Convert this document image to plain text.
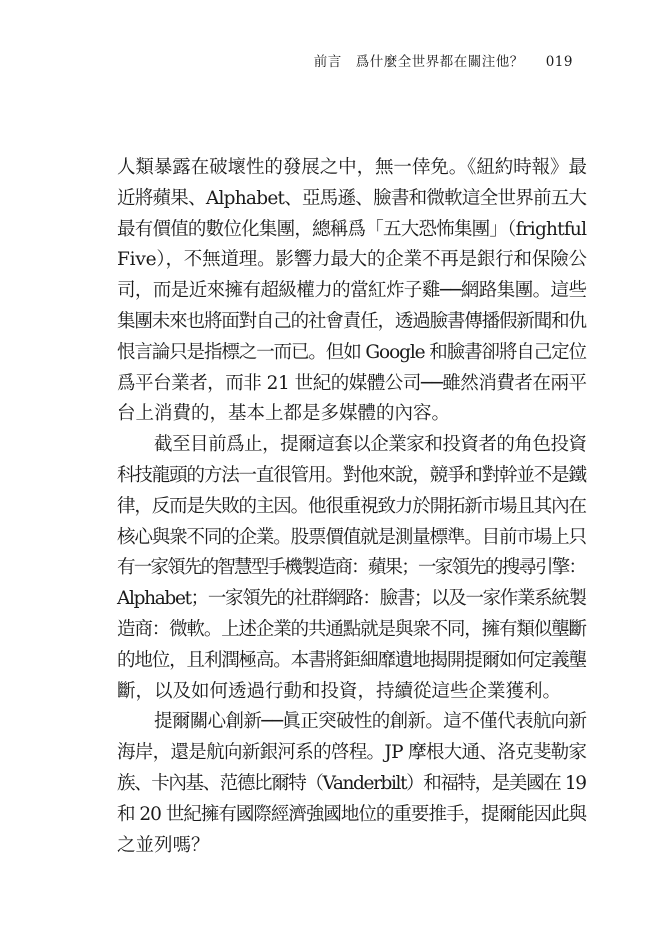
前言　爲什麼全世界都在關注他？ 019
人類暴露在破壞性的發展之中，無一倖免。《紐約時報》最
近將蘋果、Alphabet、亞馬遜、臉書和微軟這全世界前五大
最有價值的數位化集團，總稱爲「五大恐怖集團」（frightful
Five），不無道理。影響力最大的企業不再是銀行和保險公
司，而是近來擁有超級權力的當紅炸子雞──網路集團。這些
集團未來也將面對自己的社會責任，透過臉書傳播假新聞和仇
恨言論只是指標之一而已。但如 Google 和臉書卻將自己定位
爲平台業者，而非 21 世紀的媒體公司──雖然消費者在兩平
台上消費的，基本上都是多媒體的內容。
截至目前爲止，提爾這套以企業家和投資者的角色投資
科技龍頭的方法一直很管用。對他來說，競爭和對幹並不是鐵
律，反而是失敗的主因。他很重視致力於開拓新市場且其內在
核心與衆不同的企業。股票價值就是測量標準。目前市場上只
有一家領先的智慧型手機製造商：蘋果；一家領先的搜尋引擎：
Alphabet；一家領先的社群網路：臉書；以及一家作業系統製
造商：微軟。上述企業的共通點就是與衆不同，擁有類似壟斷
的地位，且利潤極高。本書將鉅細靡遺地揭開提爾如何定義壟
斷，以及如何透過行動和投資，持續從這些企業獲利。
提爾關心創新──眞正突破性的創新。這不僅代表航向新
海岸，還是航向新銀河系的啓程。JP 摩根大通、洛克斐勒家
族、卡內基、范德比爾特（Vanderbilt）和福特，是美國在 19
和 20 世紀擁有國際經濟強國地位的重要推手，提爾能因此與
之並列嗎？
